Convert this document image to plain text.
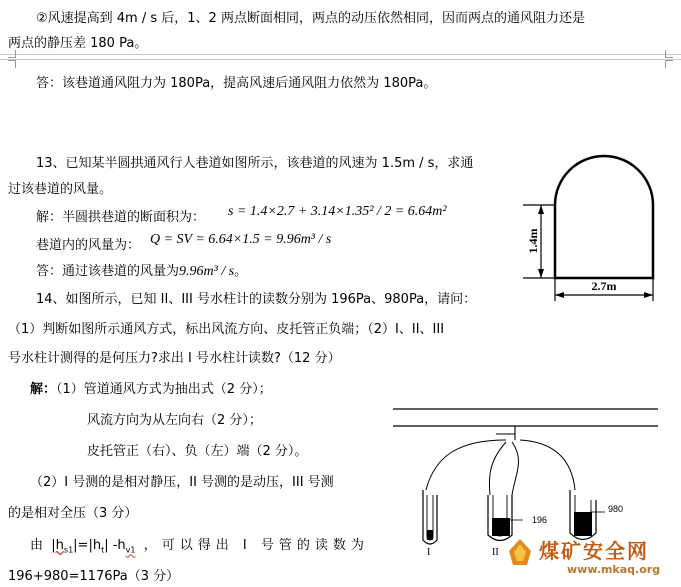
②风速提高到 4m / s 后，1、2 两点断面相同，两点的动压依然相同，因而两点的通风阻力还是
两点的静压差 180 Pa。
答：该巷道通风阻力为 180Pa，提高风速后通风阻力依然为 180Pa。
13、已知某半圆拱通风行人巷道如图所示，该巷道的风速为 1.5m / s，求通
过该巷道的风量。
解：半圆拱巷道的断面积为： s = 1.4×2.7 + 3.14×1.35² / 2 = 6.64m²
巷道内的风量为： Q = SV = 6.64×1.5 = 9.96m³ / s
答：通过该巷道的风量为9.96m³ / s。
1.4m
2.7m
14、如图所示，已知 II、III 号水柱计的读数分别为 196Pa、980Pa，请问：
（1）判断如图所示通风方式，标出风流方向、皮托管正负端；（2）I、II、III
号水柱计测得的是何压力?求出 I 号水柱计读数?（12 分）
解：（1）管道通风方式为抽出式（2 分）；
风流方向为从左向右（2 分）；
皮托管正（右）、负（左）端（2 分）。
（2）I 号测的是相对静压，II 号测的是动压，III 号测
的是相对全压（3 分）
由 $|h_{s1}|=|h_t|$ $-h_{v1}$ ，可以得出 I 号管的读数为
196+980=1176Pa（3 分）
196
980
I	II 煤矿安全网
www.mkaq.org
